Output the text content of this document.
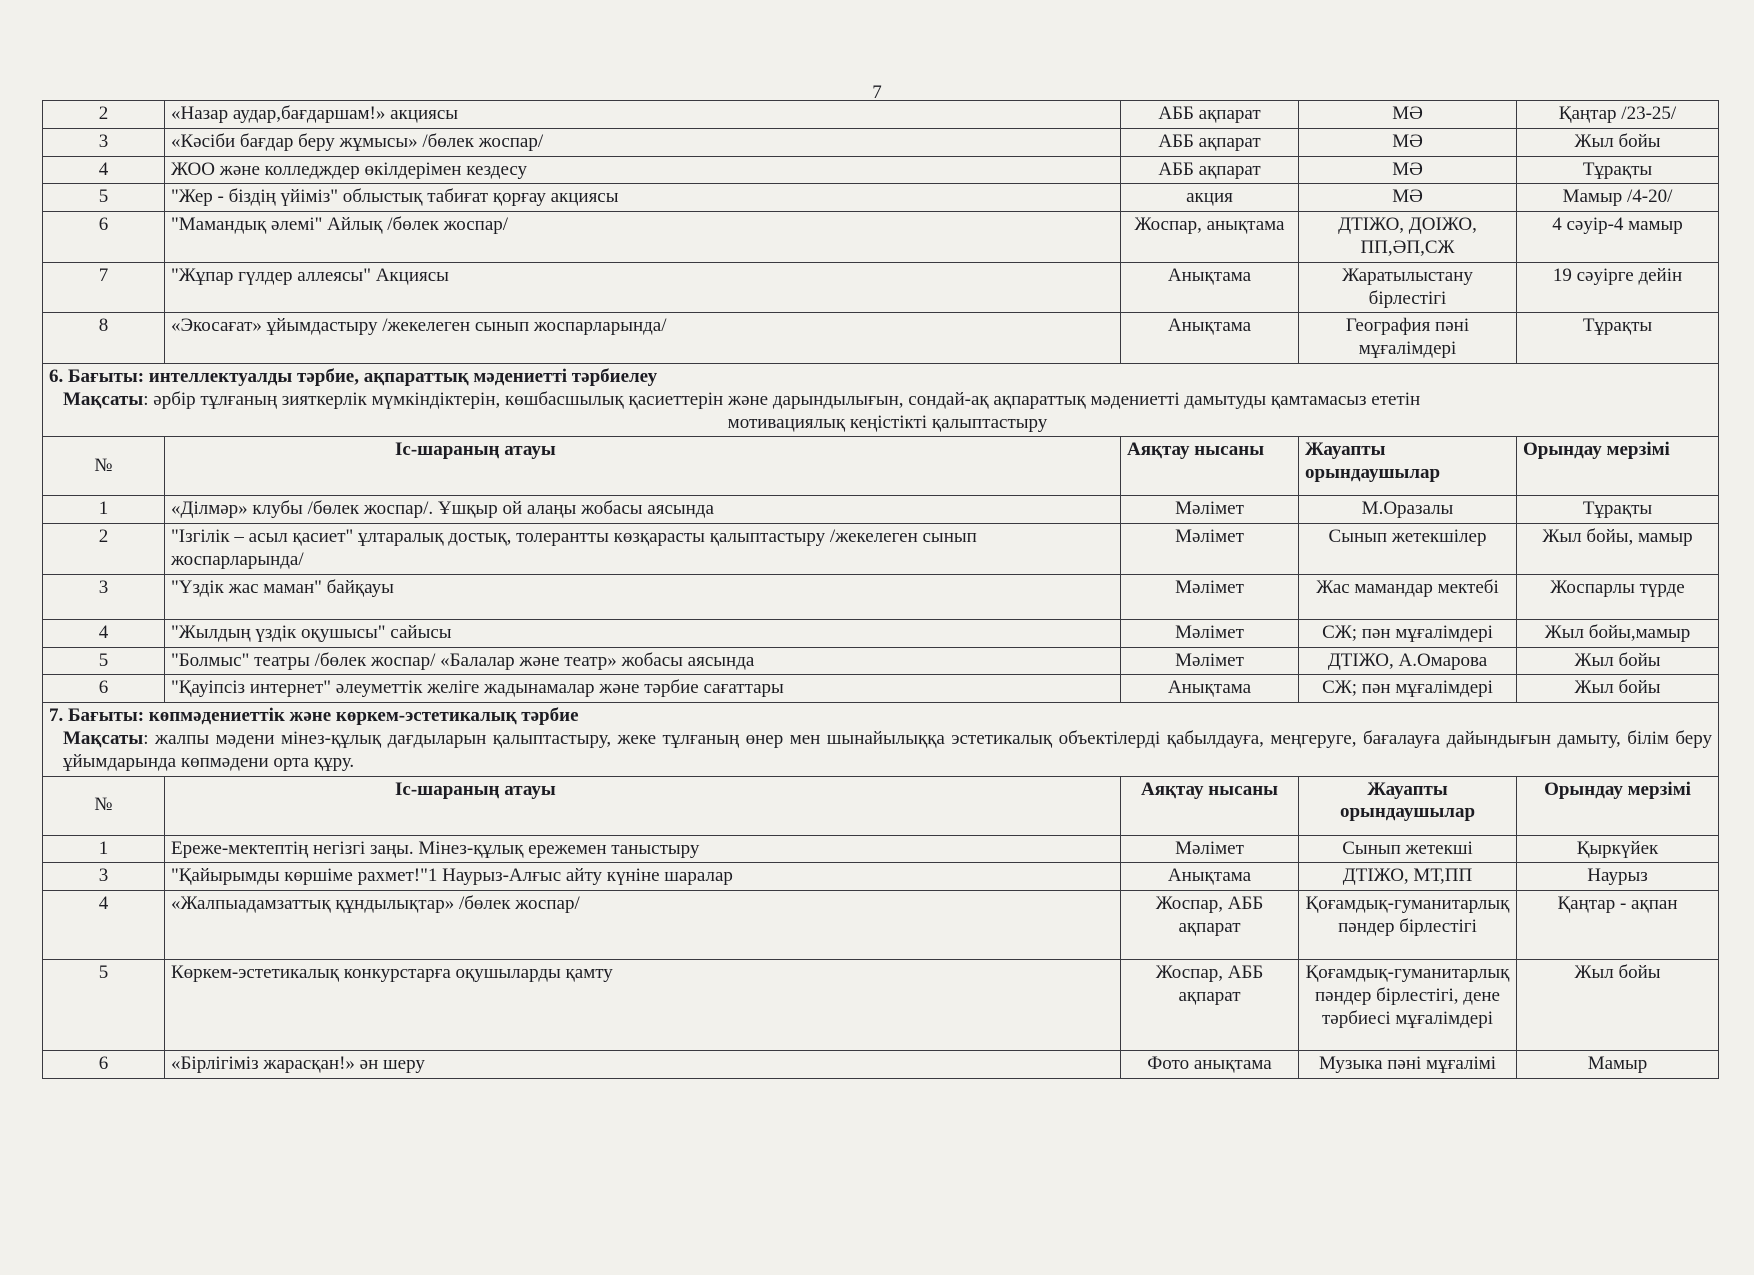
7
2	«Назар аудар,бағдаршам!» акциясы	АББ ақпарат	МӘ	Қаңтар /23-25/
3	«Кәсіби бағдар беру жұмысы» /бөлек жоспар/	АББ ақпарат	МӘ	Жыл бойы
4	ЖОО және колледждер өкілдерімен кездесу	АББ ақпарат	МӘ	Тұрақты
5	"Жер - біздің үйіміз" облыстық табиғат қорғау акциясы	акция	МӘ	Мамыр /4-20/
6	"Мамандық әлемі" Айлық /бөлек жоспар/	Жоспар, анықтама	ДТІЖО, ДОІЖО, ПП,ӘП,СЖ	4 сәуір-4 мамыр
7	"Жұпар гүлдер аллеясы" Акциясы	Анықтама	Жаратылыстану бірлестігі	19 сәуірге дейін
8	«Экосағат» ұйымдастыру /жекелеген сынып жоспарларында/	Анықтама	География пәні мұғалімдері	Тұрақты

6. Бағыты: интеллектуалды тәрбие, ақпараттық мәдениетті тәрбиелеу
Мақсаты: әрбір тұлғаның зияткерлік мүмкіндіктерін, көшбасшылық қасиеттерін және дарындылығын, сондай-ақ ақпараттық мәдениетті дамытуды қамтамасыз ететін
мотивациялық кеңістікті қалыптастыру				

№	Іс-шараның атауы	Аяқтау нысаны	Жауапты орындаушылар	Орындау мерзімі
1	«Ділмәр» клубы /бөлек жоспар/. Ұшқыр ой алаңы жобасы аясында	Мәлімет	М.Оразалы	Тұрақты
2	"Ізгілік – асыл қасиет" ұлтаралық достық, толерантты көзқарасты қалыптастыру /жекелеген сынып жоспарларында/	Мәлімет	Сынып жетекшілер	Жыл бойы, мамыр
3	"Үздік жас маман" байқауы	Мәлімет	Жас мамандар мектебі	Жоспарлы түрде
4	"Жылдың үздік оқушысы" сайысы	Мәлімет	СЖ; пән мұғалімдері	Жыл бойы,мамыр
5	"Болмыс" театры /бөлек жоспар/ «Балалар және театр» жобасы аясында	Мәлімет	ДТІЖО, А.Омарова	Жыл бойы
6	"Қауіпсіз интернет" әлеуметтік желіге жадынамалар және тәрбие сағаттары	Анықтама	СЖ; пән мұғалімдері	Жыл бойы

7. Бағыты: көпмәдениеттік және көркем-эстетикалық тәрбие
Мақсаты: жалпы мәдени мінез-құлық дағдыларын қалыптастыру, жеке тұлғаның өнер мен шынайылыққа эстетикалық объектілерді қабылдауға, меңгеруге, бағалауға дайындығын дамыту, білім беру ұйымдарында көпмәдени орта құру.				

№	Іс-шараның атауы	Аяқтау нысаны	Жауапты орындаушылар	Орындау мерзімі
1	Ереже-мектептің негізгі заңы. Мінез-құлық ережемен таныстыру	Мәлімет	Сынып жетекші	Қыркүйек
3	"Қайырымды көршіме рахмет!"1 Наурыз-Алғыс айту күніне шаралар	Анықтама	ДТІЖО, МТ,ПП	Наурыз
4	«Жалпыадамзаттық құндылықтар» /бөлек жоспар/	Жоспар, АББ ақпарат	Қоғамдық-гуманитарлық пәндер бірлестігі	Қаңтар - ақпан
5	Көркем-эстетикалық конкурстарға оқушыларды қамту	Жоспар, АББ ақпарат	Қоғамдық-гуманитарлық пәндер бірлестігі, дене тәрбиесі мұғалімдері	Жыл бойы
6	«Бірлігіміз жарасқан!» ән шеру	Фото анықтама	Музыка пәні мұғалімі	Мамыр
